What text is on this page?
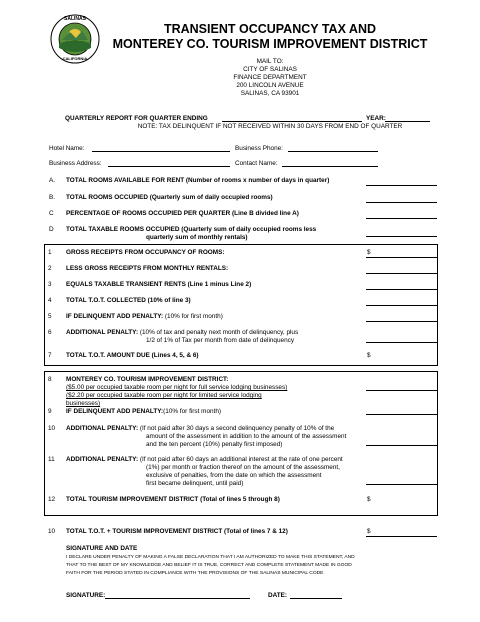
SALINAS
CALIFORNIA
TRANSIENT OCCUPANCY TAX AND
MONTEREY CO. TOURISM IMPROVEMENT DISTRICT
MAIL TO:
CITY OF SALINAS
FINANCE DEPARTMENT
200 LINCOLN AVENUE
SALINAS, CA 93901
QUARTERLY REPORT FOR QUARTER ENDING	YEAR:
NOTE: TAX DELINQUENT IF NOT RECEIVED WITHIN 30 DAYS FROM END OF QUARTER
Hotel Name:	Business Phone:
Business Address:	Contact Name:
A. TOTAL ROOMS AVAILABLE FOR RENT (Number of rooms x number of days in quarter)
B. TOTAL ROOMS OCCUPIED (Quarterly sum of daily occupied rooms)
C PERCENTAGE OF ROOMS OCCUPIED PER QUARTER (Line B divided line A)
D TOTAL TAXABLE ROOMS OCCUPIED (Quarterly sum of daily occupied rooms less
quarterly sum of monthly rentals)
1 GROSS RECEIPTS FROM OCCUPANCY OF ROOMS:	$
2 LESS GROSS RECEIPTS FROM MONTHLY RENTALS:
3 EQUALS TAXABLE TRANSIENT RENTS (Line 1 minus Line 2)
4 TOTAL T.O.T. COLLECTED (10% of line 3)
5 IF DELINQUENT ADD PENALTY: (10% for first month)
6 ADDITIONAL PENALTY: (10% of tax and penalty next month of delinquency, plus
1/2 of 1% of Tax per month from date of delinquency
7 TOTAL T.O.T. AMOUNT DUE (Lines 4, 5, & 6)	$
8 MONTEREY CO. TOURISM IMPROVEMENT DISTRICT:
($5.00 per occupied taxable room per night for full service lodging businesses)
($2.20 per occupied taxable room per night for limited service lodging
businesses)
9 IF DELINQUENT ADD PENALTY:(10% for first month)
10 ADDITIONAL PENALTY: (If not paid after 30 days a second delinquency penalty of 10% of the
amount of the assessment in addition to the amount of the assessment
and the ten percent (10%) penalty first imposed)
11 ADDITIONAL PENALTY: (If not paid after 60 days an additional interest at the rate of one percent
(1%) per month or fraction thereof on the amount of the assessment,
exclusive of penalties, from the date on which the assessment
first became delinquent, until paid)
12 TOTAL TOURISM IMPROVEMENT DISTRICT (Total of lines 5 through 8)	$
10 TOTAL T.O.T. + TOURISM IMPROVEMENT DISTRICT (Total of lines 7 & 12)	$
SIGNATURE AND DATE
I DECLARE UNDER PENALTY OF MAKING A FALSE DECLARATION THAT I AM AUTHORIZED TO MAKE THIS STATEMENT, AND
THAT TO THE BEST OF MY KNOWLEDGE AND BELIEF IT IS TRUE, CORRECT AND COMPLETE STATEMENT MADE IN GOOD
FAITH FOR THE PERIOD STATED IN COMPLIANCE WITH THE PROVISIONS OF THE SALINAS MUNICIPAL CODE
SIGNATURE:	DATE:
